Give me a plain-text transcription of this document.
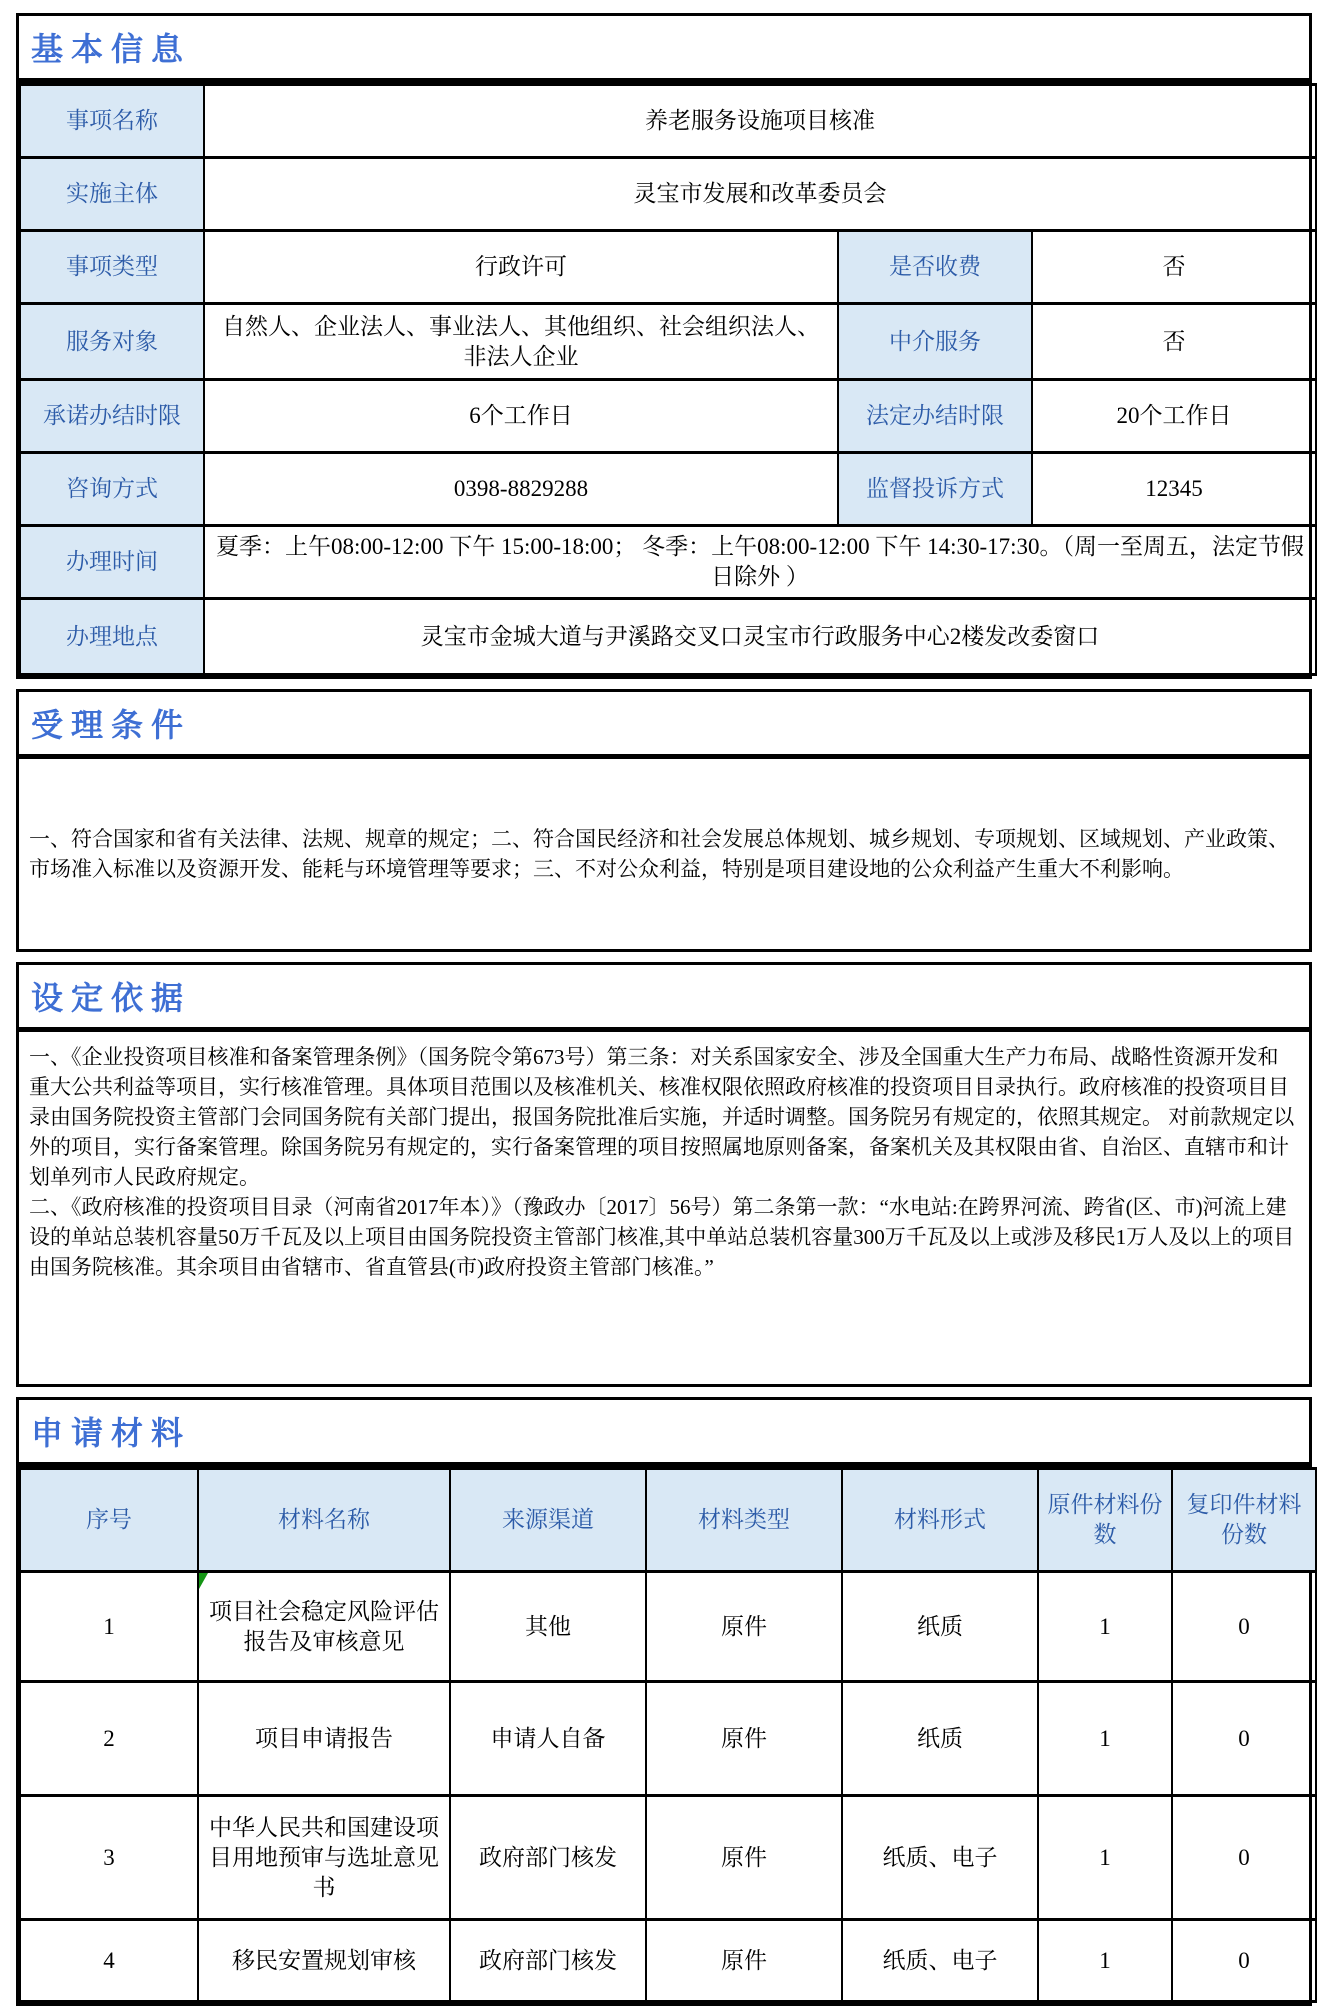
基本信息
事项名称	养老服务设施项目核准		
实施主体	灵宝市发展和改革委员会		
事项类型	行政许可	是否收费	否
服务对象	自然人、企业法人、事业法人、其他组织、社会组织法人、非法人企业	中介服务	否
承诺办结时限	6个工作日	法定办结时限	20个工作日
咨询方式	0398-8829288	监督投诉方式	12345
办理时间	夏季：上午08:00-12:00 下午 15:00-18:00； 冬季：上午08:00-12:00 下午 14:30-17:30。（周一至周五，法定节假日除外 ）		
办理地点	灵宝市金城大道与尹溪路交叉口灵宝市行政服务中心2楼发改委窗口		
受理条件

一、符合国家和省有关法律、法规、规章的规定；二、符合国民经济和社会发展总体规划、城乡规划、专项规划、区域规划、产业政策、市场准入标准以及资源开发、能耗与环境管理等要求；三、不对公众利益，特别是项目建设地的公众利益产生重大不利影响。

设定依据

一、《企业投资项目核准和备案管理条例》（国务院令第673号）第三条：对关系国家安全、涉及全国重大生产力布局、战略性资源开发和重大公共利益等项目，实行核准管理。具体项目范围以及核准机关、核准权限依照政府核准的投资项目目录执行。政府核准的投资项目目录由国务院投资主管部门会同国务院有关部门提出，报国务院批准后实施，并适时调整。国务院另有规定的，依照其规定。 对前款规定以外的项目，实行备案管理。除国务院另有规定的，实行备案管理的项目按照属地原则备案，备案机关及其权限由省、自治区、直辖市和计划单列市人民政府规定。

二、《政府核准的投资项目目录（河南省2017年本）》（豫政办〔2017〕56号）第二条第一款：“水电站:在跨界河流、跨省(区、市)河流上建设的单站总装机容量50万千瓦及以上项目由国务院投资主管部门核准,其中单站总装机容量300万千瓦及以上或涉及移民1万人及以上的项目由国务院核准。其余项目由省辖市、省直管县(市)政府投资主管部门核准。”

申请材料
序号	材料名称	来源渠道	材料类型	材料形式	原件材料份数	复印件材料份数
1	项目社会稳定风险评估报告及审核意见	其他	原件	纸质	1	0
2	项目申请报告	申请人自备	原件	纸质	1	0
3	中华人民共和国建设项目用地预审与选址意见书	政府部门核发	原件	纸质、电子	1	0
4	移民安置规划审核	政府部门核发	原件	纸质、电子	1	0
